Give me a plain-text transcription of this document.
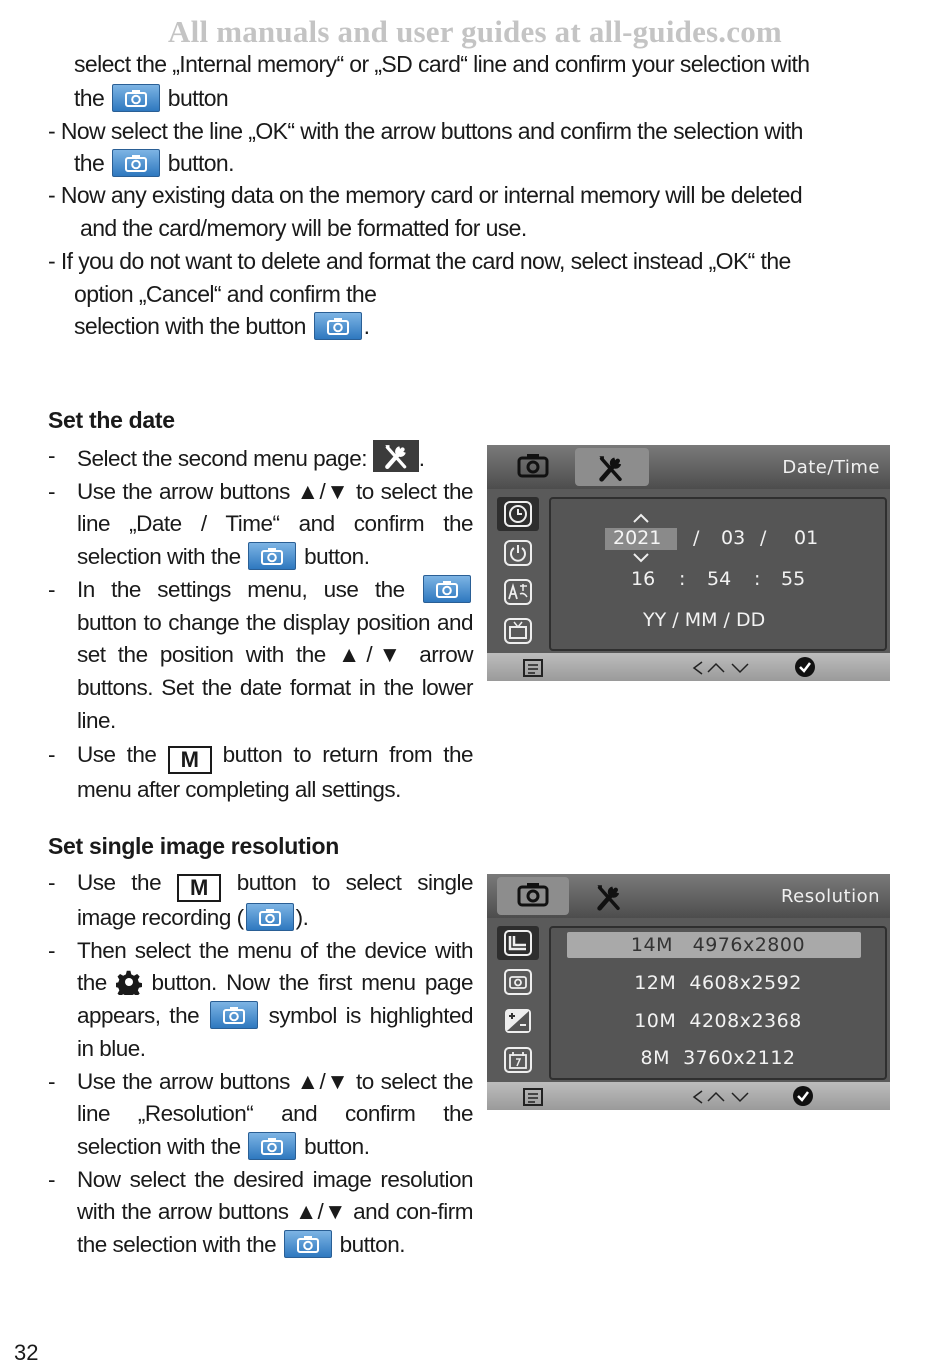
All manuals and user guides at all-guides.com
select the „Internal memory“ or „SD card“ line and confirm your selection with
the	button
- Now select the line „OK“ with the arrow buttons and confirm the selection with
the	button.
- Now any existing data on the memory card or internal memory will be deleted
and the card/memory will be formatted for use.
- If you do not want to delete and format the card now, select instead „OK“ the
option „Cancel“ and confirm the
selection with the button	.
Set the date
- Select the second menu page: .
- Use the arrow buttons ▲/▼ to select the line „Date / Time“ and confirm the selection with the	button.
- In the settings menu, use the
button to change the display position and set the position with the ▲/▼ arrow buttons. Set the date format in the lower line.
- Use the M button to return from the menu after completing all settings.
Date/Time
2021 / 03 / 01
16 : 54 : 55
YY / MM / DD
Set single image resolution
- Use the M button to select single image recording ( ).
- Then select the menu of the device with the button. Now the first menu page appears, the	symbol is highlighted in blue.
- Use the arrow buttons ▲/▼ to select the line „Resolution“ and confirm the selection with the	button.
- Now select the desired image resolution with the arrow buttons ▲/▼ and con-firm the selection with the	button.
Resolution
14M 4976x2800
12M 4608x2592
10M 4208x2368
8M 3760x2112
32
